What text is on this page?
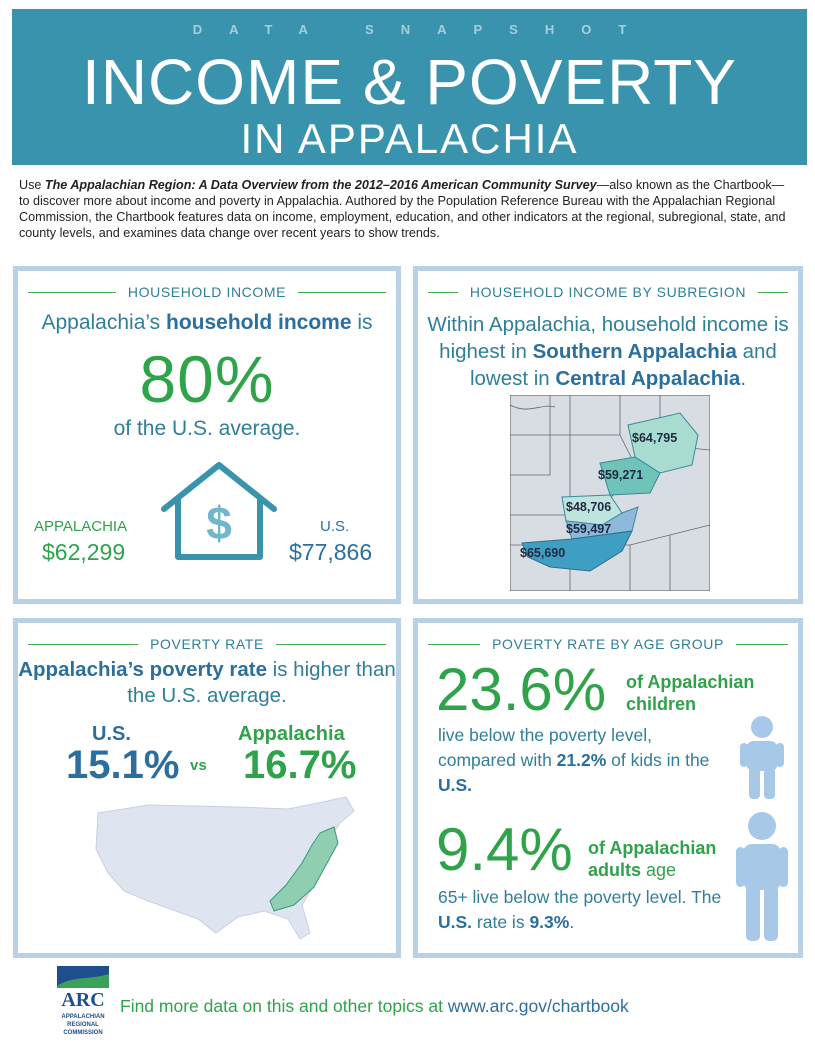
DATA SNAPSHOT
INCOME & POVERTY
IN APPALACHIA

Use The Appalachian Region: A Data Overview from the 2012–2016 American Community Survey—also known as the Chartbook—to discover more about income and poverty in Appalachia. Authored by the Population Reference Bureau with the Appalachian Regional Commission, the Chartbook features data on income, employment, education, and other indicators at the regional, subregional, state, and county levels, and examines data change over recent years to show trends.

HOUSEHOLD INCOME
Appalachia’s household income is
80%
of the U.S. average.
$
APPALACHIA
$62,299
U.S.
$77,866
HOUSEHOLD INCOME BY SUBREGION
Within Appalachia, household income is highest in Southern Appalachia and lowest in Central Appalachia.
$64,795
$59,271
$48,706
$59,497
$65,690
POVERTY RATE
Appalachia’s poverty rate is higher than the U.S. average.
U.S.
15.1% vs
Appalachia
16.7%
POVERTY RATE BY AGE GROUP
23.6% of Appalachian
children
live below the poverty level, compared with 21.2% of kids in the U.S.
9.4% of Appalachian
adults age
65+ live below the poverty level. The U.S. rate is 9.3%.
ARC
APPALACHIAN
REGIONAL
COMMISSION
Find more data on this and other topics at www.arc.gov/chartbook
